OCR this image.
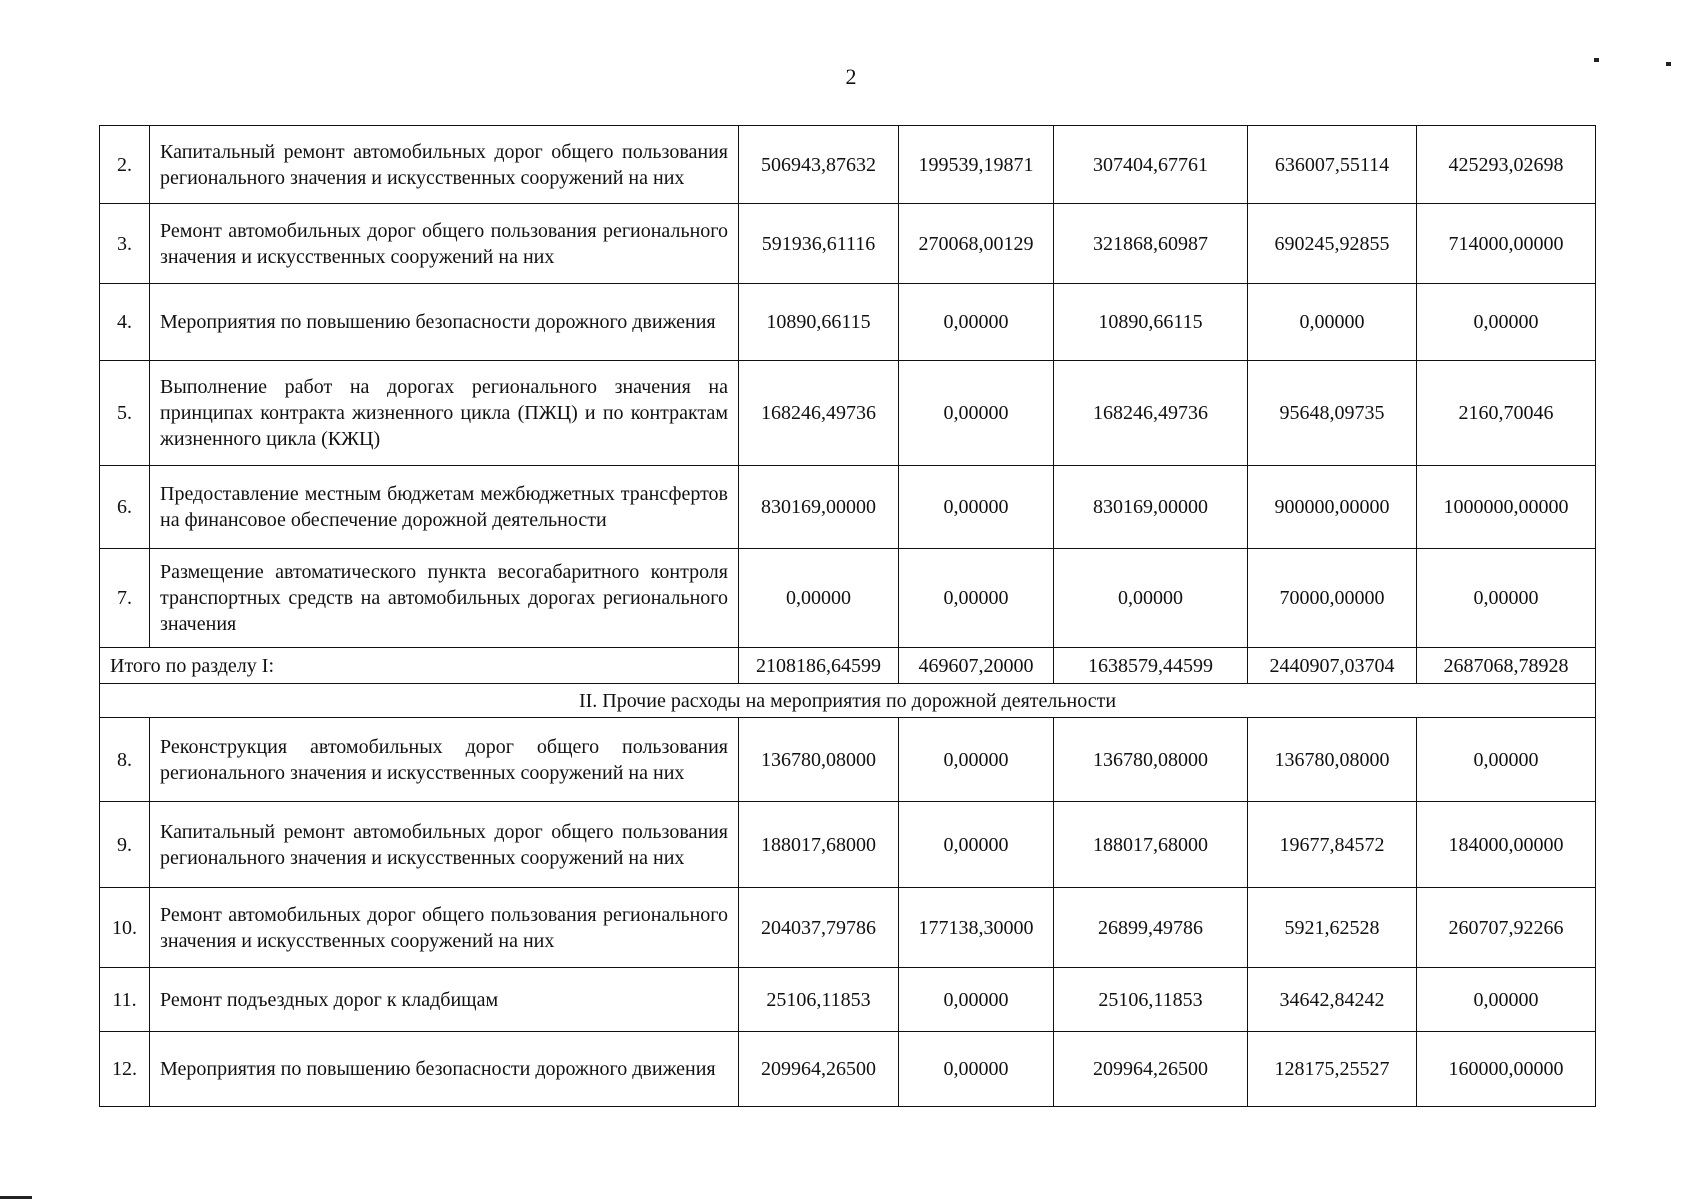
2
2.	Капитальный ремонт автомобильных дорог общего пользования регионального значения и искусственных сооружений на них	506943,87632	199539,19871	307404,67761	636007,55114	425293,02698
3.	Ремонт автомобильных дорог общего пользования регионального значения и искусственных сооружений на них	591936,61116	270068,00129	321868,60987	690245,92855	714000,00000
4.	Мероприятия по повышению безопасности дорожного движения	10890,66115	0,00000	10890,66115	0,00000	0,00000
5.	Выполнение работ на дорогах регионального значения на принципах контракта жизненного цикла (ПЖЦ) и по контрактам жизненного цикла (КЖЦ)	168246,49736	0,00000	168246,49736	95648,09735	2160,70046
6.	Предоставление местным бюджетам межбюджетных трансфертов на финансовое обеспечение дорожной деятельности	830169,00000	0,00000	830169,00000	900000,00000	1000000,00000
7.	Размещение автоматического пункта весогабаритного контроля транспортных средств на автомобильных дорогах регионального значения	0,00000	0,00000	0,00000	70000,00000	0,00000
Итого по разделу I:		2108186,64599	469607,20000	1638579,44599	2440907,03704	2687068,78928
II. Прочие расходы на мероприятия по дорожной деятельности						
8.	Реконструкция автомобильных дорог общего пользования регионального значения и искусственных сооружений на них	136780,08000	0,00000	136780,08000	136780,08000	0,00000
9.	Капитальный ремонт автомобильных дорог общего пользования регионального значения и искусственных сооружений на них	188017,68000	0,00000	188017,68000	19677,84572	184000,00000
10.	Ремонт автомобильных дорог общего пользования регионального значения и искусственных сооружений на них	204037,79786	177138,30000	26899,49786	5921,62528	260707,92266
11.	Ремонт подъездных дорог к кладбищам	25106,11853	0,00000	25106,11853	34642,84242	0,00000
12.	Мероприятия по повышению безопасности дорожного движения	209964,26500	0,00000	209964,26500	128175,25527	160000,00000
